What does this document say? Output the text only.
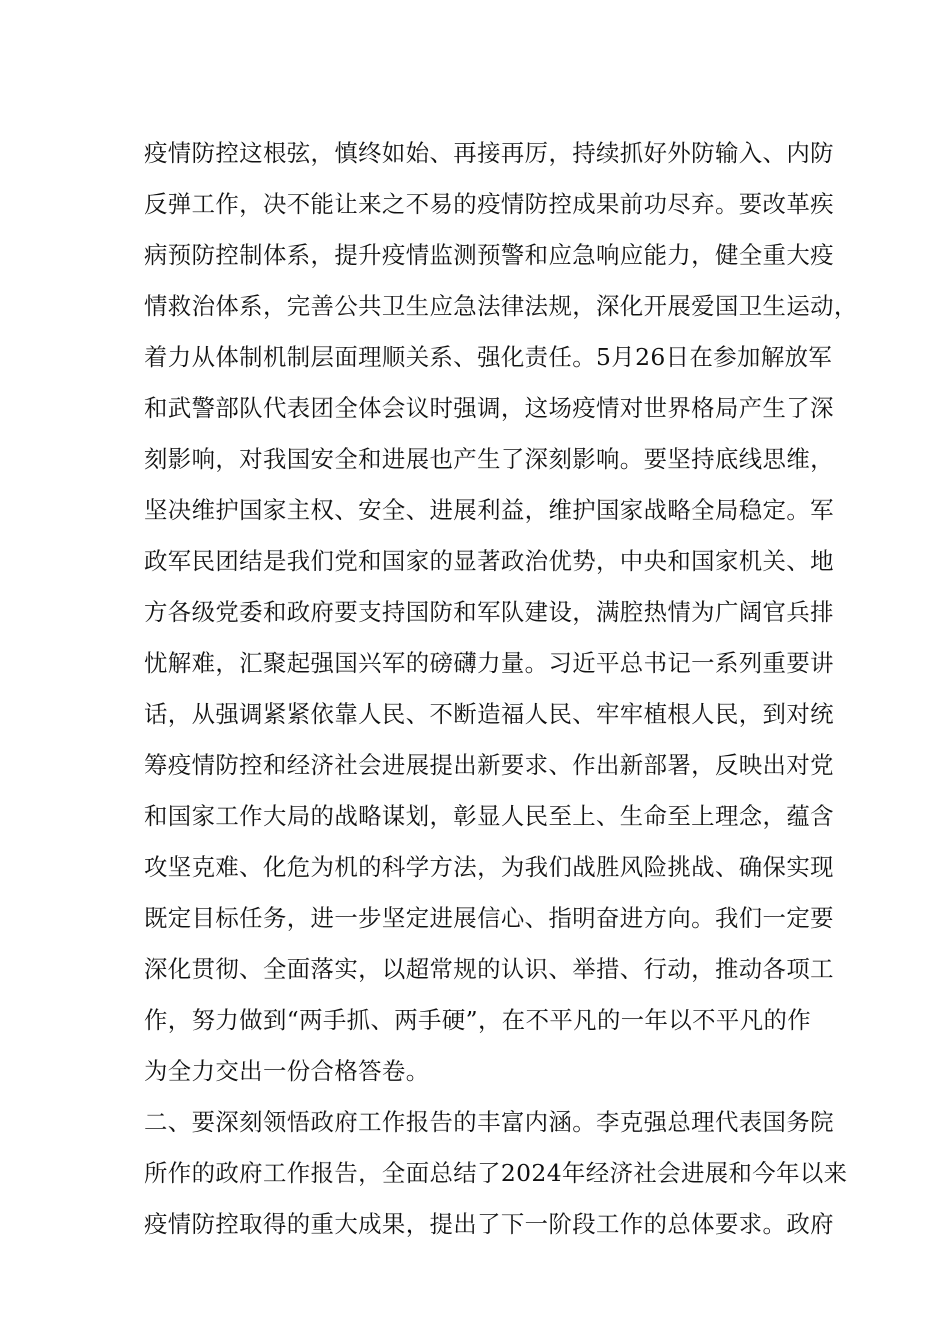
疫情防控这根弦，慎终如始、再接再厉，持续抓好外防输入、内防
反弹工作，决不能让来之不易的疫情防控成果前功尽弃。要改革疾
病预防控制体系，提升疫情监测预警和应急响应能力，健全重大疫
情救治体系，完善公共卫生应急法律法规，深化开展爱国卫生运动，
着力从体制机制层面理顺关系、强化责任。5月26日在参加解放军
和武警部队代表团全体会议时强调，这场疫情对世界格局产生了深
刻影响，对我国安全和进展也产生了深刻影响。要坚持底线思维，
坚决维护国家主权、安全、进展利益，维护国家战略全局稳定。军
政军民团结是我们党和国家的显著政治优势，中央和国家机关、地
方各级党委和政府要支持国防和军队建设，满腔热情为广阔官兵排
忧解难，汇聚起强国兴军的磅礴力量。习近平总书记一系列重要讲
话，从强调紧紧依靠人民、不断造福人民、牢牢植根人民，到对统
筹疫情防控和经济社会进展提出新要求、作出新部署，反映出对党
和国家工作大局的战略谋划，彰显人民至上、生命至上理念，蕴含
攻坚克难、化危为机的科学方法，为我们战胜风险挑战、确保实现
既定目标任务，进一步坚定进展信心、指明奋进方向。我们一定要
深化贯彻、全面落实，以超常规的认识、举措、行动，推动各项工
作，努力做到“两手抓、两手硬”，在不平凡的一年以不平凡的作
为全力交出一份合格答卷。
二、要深刻领悟政府工作报告的丰富内涵。李克强总理代表国务院
所作的政府工作报告，全面总结了2024年经济社会进展和今年以来
疫情防控取得的重大成果，提出了下一阶段工作的总体要求。政府
